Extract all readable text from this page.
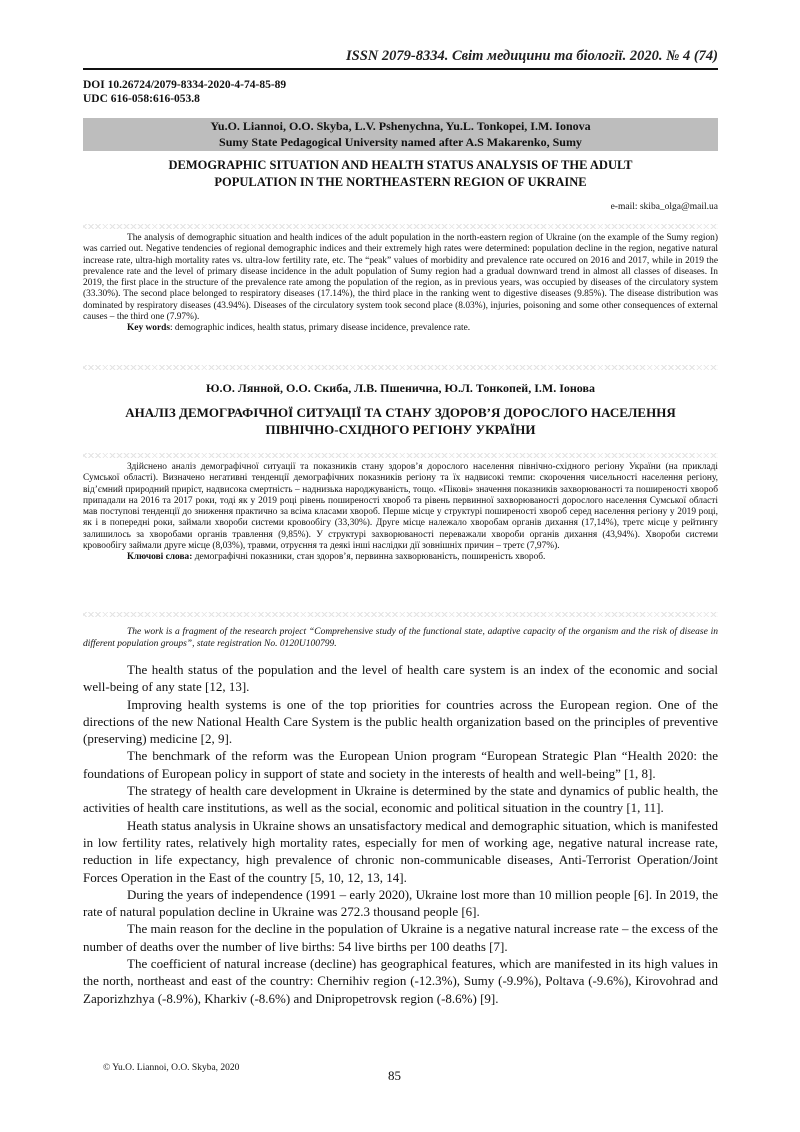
ISSN 2079-8334. Світ медицини та біології. 2020. № 4 (74)
DOI 10.26724/2079-8334-2020-4-74-85-89
UDC 616-058:616-053.8
Yu.O. Liannoi, O.O. Skyba, L.V. Pshenychna, Yu.L. Tonkopei, I.M. Ionova
Sumy State Pedagogical University named after A.S Makarenko, Sumy
DEMOGRAPHIC SITUATION AND HEALTH STATUS ANALYSIS OF THE ADULT
POPULATION IN THE NORTHEASTERN REGION OF UKRAINE
e-mail: skiba_olga@mail.ua

The analysis of demographic situation and health indices of the adult population in the north-eastern region of Ukraine (on the example of the Sumy region) was carried out. Negative tendencies of regional demographic indices and their extremely high rates were determined: population decline in the region, negative natural increase rate, ultra-high mortality rates vs. ultra-low fertility rate, etc. The “peak” values of morbidity and prevalence rate occured on 2016 and 2017, while in 2019 the prevalence rate and the level of primary disease incidence in the adult population of Sumy region had a gradual downward trend in almost all classes of diseases. In 2019, the first place in the structure of the prevalence rate among the population of the region, as in previous years, was occupied by diseases of the circulatory system (33.30%). The second place belonged to respiratory diseases (17.14%), the third place in the ranking went to digestive diseases (9.85%). The disease distribution was dominated by respiratory diseases (43.94%). Diseases of the circulatory system took second place (8.03%), injuries, poisoning and some other consequences of external causes – the third one (7.97%).

Key words: demographic indices, health status, primary disease incidence, prevalence rate.

Ю.О. Лянной, О.О. Скиба, Л.В. Пшенична, Ю.Л. Тонкопей, І.М. Іонова
АНАЛІЗ ДЕМОГРАФІЧНОЇ СИТУАЦІЇ ТА СТАНУ ЗДОРОВ’Я ДОРОСЛОГО НАСЕЛЕННЯ
ПІВНІЧНО-СХІДНОГО РЕГІОНУ УКРАЇНИ

Здійснено аналіз демографічної ситуації та показників стану здоров’я дорослого населення північно-східного регіону України (на прикладі Сумської області). Визначено негативні тенденції демографічних показників регіону та їх надвисокі темпи: скорочення чисельності населення регіону, від’ємний природний приріст, надвисока смертність – наднизька народжуваність, тощо. «Пікові» значення показників захворюваності та поширеності хвороб припадали на 2016 та 2017 роки, тоді як у 2019 році рівень поширеності хвороб та рівень первинної захворюваності дорослого населення Сумської області мав поступові тенденції до зниження практично за всіма класами хвороб. Перше місце у структурі поширеності хвороб серед населення регіону у 2019 році, як і в попередні роки, займали хвороби системи кровообігу (33,30%). Друге місце належало хворобам органів дихання (17,14%), третє місце у рейтингу залишилось за хворобами органів травлення (9,85%). У структурі захворюваності переважали хвороби органів дихання (43,94%). Хвороби системи кровообігу займали друге місце (8,03%), травми, отруєння та деякі інші наслідки дії зовнішніх причин – третє (7,97%).

Ключові слова: демографічні показники, стан здоров’я, первинна захворюваність, поширеність хвороб.

The work is a fragment of the research project “Comprehensive study of the functional state, adaptive capacity of the organism and the risk of disease in different population groups”, state registration No. 0120U100799.

The health status of the population and the level of health care system is an index of the economic and social well-being of any state [12, 13].

Improving health systems is one of the top priorities for countries across the European region. One of the directions of the new National Health Care System is the public health organization based on the principles of preventive (preserving) medicine [2, 9].

The benchmark of the reform was the European Union program “European Strategic Plan “Health 2020: the foundations of European policy in support of state and society in the interests of health and well-being” [1, 8].

The strategy of health care development in Ukraine is determined by the state and dynamics of public health, the activities of health care institutions, as well as the social, economic and political situation in the country [1, 11].

Heath status analysis in Ukraine shows an unsatisfactory medical and demographic situation, which is manifested in low fertility rates, relatively high mortality rates, especially for men of working age, negative natural increase rate, reduction in life expectancy, high prevalence of chronic non-communicable diseases, Anti-Terrorist Operation/Joint Forces Operation in the East of the country [5, 10, 12, 13, 14].

During the years of independence (1991 – early 2020), Ukraine lost more than 10 million people [6]. In 2019, the rate of natural population decline in Ukraine was 272.3 thousand people [6].

The main reason for the decline in the population of Ukraine is a negative natural increase rate – the excess of the number of deaths over the number of live births: 54 live births per 100 deaths [7].

The coefficient of natural increase (decline) has geographical features, which are manifested in its high values in the north, northeast and east of the country: Chernihiv region (-12.3%), Sumy (-9.9%), Poltava (-9.6%), Kirovohrad and Zaporizhzhya (-8.9%), Kharkiv (-8.6%) and Dnipropetrovsk region (-8.6%) [9].

© Yu.O. Liannoi, O.O. Skyba, 2020	85
